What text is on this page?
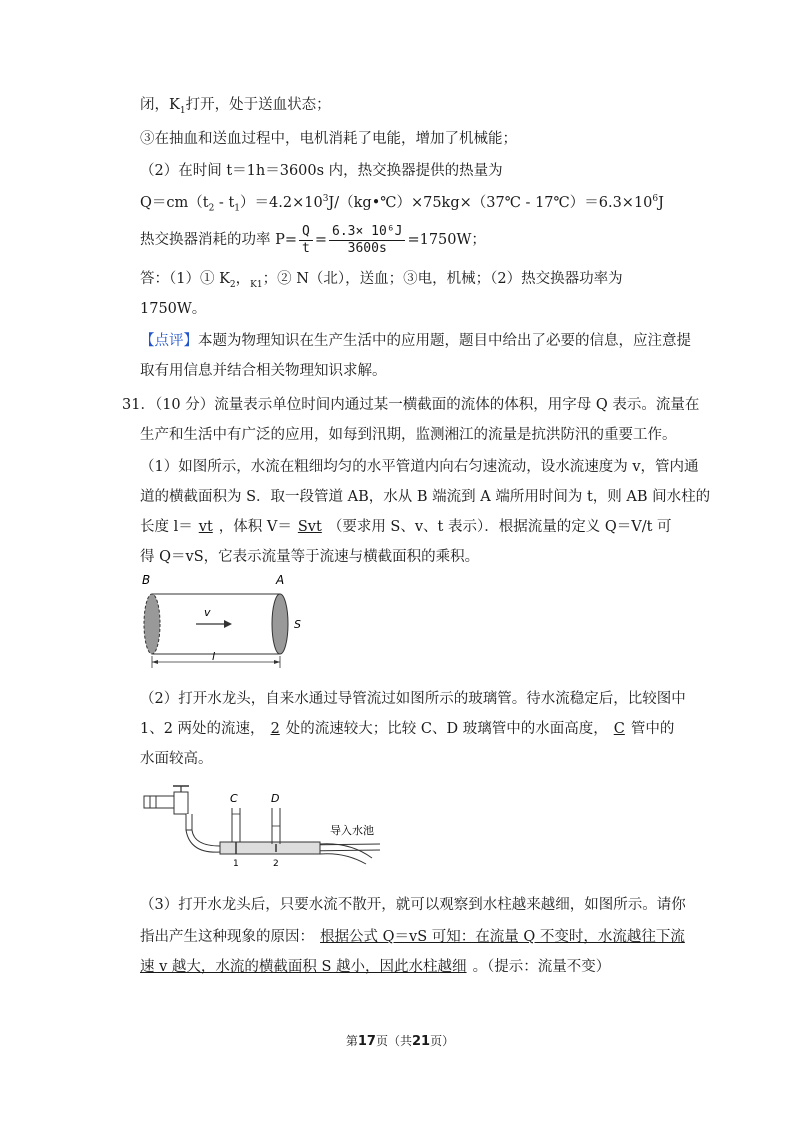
闭，$K_1$打开，处于送血状态；
③在抽血和送血过程中，电机消耗了电能，增加了机械能；
（2）在时间 t＝1h＝3600s 内，热交换器提供的热量为
$Q=cm(t_2$ - $t_1)=4.2\times 10^3J/(kg•℃)\times 75kg\times(37℃$ - $17℃)=6.3\times 10^6J$
热交换器消耗的功率 $P= \frac{Q}{t} = \frac{\text{6.3× 10⁶J}}{3600s} =1750W$；
答：（1）① $K_2$，$_{K1}$；② N（北），送血；③电，机械；（2）热交换器功率为
1750W。
【点评】本题为物理知识在生产生活中的应用题，题目中给出了必要的信息，应注意提
取有用信息并结合相关物理知识求解。
31．（10 分）流量表示单位时间内通过某一横截面的流体的体积，用字母 Q 表示。流量在
生产和生活中有广泛的应用，如每到汛期，监测湘江的流量是抗洪防汛的重要工作。
（1）如图所示，水流在粗细均匀的水平管道内向右匀速流动，设水流速度为 v，管内通
道的横截面积为 S．取一段管道 AB，水从 B 端流到 A 端所用时间为 t，则 AB 间水柱的
长度 l＝ vt ，体积 V＝ Svt （要求用 S、v、t 表示）．根据流量的定义 Q＝V/t 可
得 Q＝vS，它表示流量等于流速与横截面积的乘积。
B	A
v
S
l
（2）打开水龙头，自来水通过导管流过如图所示的玻璃管。待水流稳定后，比较图中
1、2 两处的流速， 2 处的流速较大；比较 C、D 玻璃管中的水面高度， C 管中的
水面较高。
C	D
1	2
导入水池
（3）打开水龙头后，只要水流不散开，就可以观察到水柱越来越细，如图所示。请你
指出产生这种现象的原因： 根据公式 Q＝vS 可知：在流量 Q 不变时，水流越往下流
速 v 越大，水流的横截面积 S 越小，因此水柱越细 。（提示：流量不变）
第17页（共21页）
